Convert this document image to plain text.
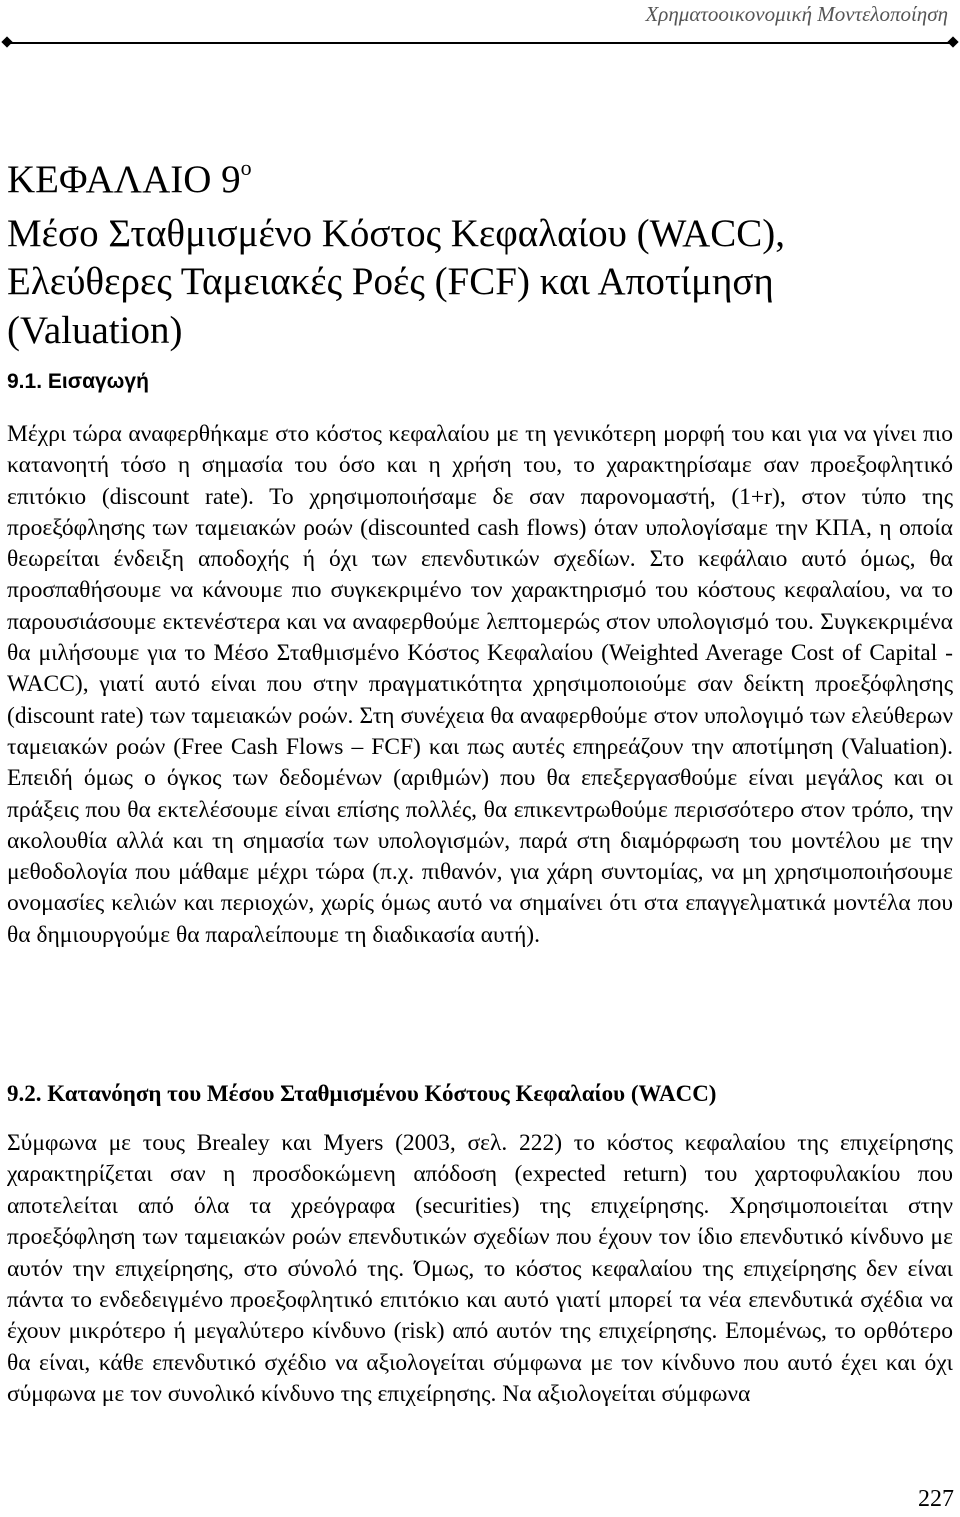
Χρηματοοικονομική Μοντελοποίηση
ΚΕΦΑΛΑΙΟ $9^o$
Μέσο Σταθμισμένο Κόστος Κεφαλαίου (WACC),
Ελεύθερες Ταμειακές Ροές (FCF) και Αποτίμηση
(Valuation)
9.1. Εισαγωγή

Μέχρι τώρα αναφερθήκαμε στο κόστος κεφαλαίου με τη γενικότερη μορφή του και για να γίνει πιο κατανοητή τόσο η σημασία του όσο και η χρήση του, το χαρακτηρίσαμε σαν προεξοφλητικό επιτόκιο (discount rate). Το χρησιμοποιήσαμε δε σαν παρονομαστή, (1+r), στον τύπο της προεξόφλησης των ταμειακών ροών (discounted cash flows) όταν υπολογίσαμε την ΚΠΑ, η οποία θεωρείται ένδειξη αποδοχής ή όχι των επενδυτικών σχεδίων. Στο κεφάλαιο αυτό όμως, θα προσπαθήσουμε να κάνουμε πιο συγκεκριμένο τον χαρακτηρισμό του κόστους κεφαλαίου, να το παρουσιάσουμε εκτενέστερα και να αναφερθούμε λεπτομερώς στον υπολογισμό του. Συγκεκριμένα θα μιλήσουμε για το Μέσο Σταθμισμένο Κόστος Κεφαλαίου (Weighted Average Cost of Capital - WACC), γιατί αυτό είναι που στην πραγματικότητα χρησιμοποιούμε σαν δείκτη προεξόφλησης (discount rate) των ταμειακών ροών. Στη συνέχεια θα αναφερθούμε στον υπολογιμό των ελεύθερων ταμειακών ροών (Free Cash Flows – FCF) και πως αυτές επηρεάζουν την αποτίμηση (Valuation). Επειδή όμως ο όγκος των δεδομένων (αριθμών) που θα επεξεργασθούμε είναι μεγάλος και οι πράξεις που θα εκτελέσουμε είναι επίσης πολλές, θα επικεντρωθούμε περισσότερο στον τρόπο, την ακολουθία αλλά και τη σημασία των υπολογισμών, παρά στη διαμόρφωση του μοντέλου με την μεθοδολογία που μάθαμε μέχρι τώρα (π.χ. πιθανόν, για χάρη συντομίας, να μη χρησιμοποιήσουμε ονομασίες κελιών και περιοχών, χωρίς όμως αυτό να σημαίνει ότι στα επαγγελματικά μοντέλα που θα δημιουργούμε θα παραλείπουμε τη διαδικασία αυτή).

9.2. Κατανόηση του Μέσου Σταθμισμένου Κόστους Κεφαλαίου (WACC)

Σύμφωνα με τους Brealey και Myers (2003, σελ. 222) το κόστος κεφαλαίου της επιχείρησης χαρακτηρίζεται σαν η προσδοκώμενη απόδοση (expected return) του χαρτοφυλακίου που αποτελείται από όλα τα χρεόγραφα (securities) της επιχείρησης. Χρησιμοποιείται στην προεξόφληση των ταμειακών ροών επενδυτικών σχεδίων που έχουν τον ίδιο επενδυτικό κίνδυνο με αυτόν την επιχείρησης, στο σύνολό της. Όμως, το κόστος κεφαλαίου της επιχείρησης δεν είναι πάντα το ενδεδειγμένο προεξοφλητικό επιτόκιο και αυτό γιατί μπορεί τα νέα επενδυτικά σχέδια να έχουν μικρότερο ή μεγαλύτερο κίνδυνο (risk) από αυτόν της επιχείρησης. Επομένως, το ορθότερο θα είναι, κάθε επενδυτικό σχέδιο να αξιολογείται σύμφωνα με τον κίνδυνο που αυτό έχει και όχι σύμφωνα με τον συνολικό κίνδυνο της επιχείρησης. Να αξιολογείται σύμφωνα

227
